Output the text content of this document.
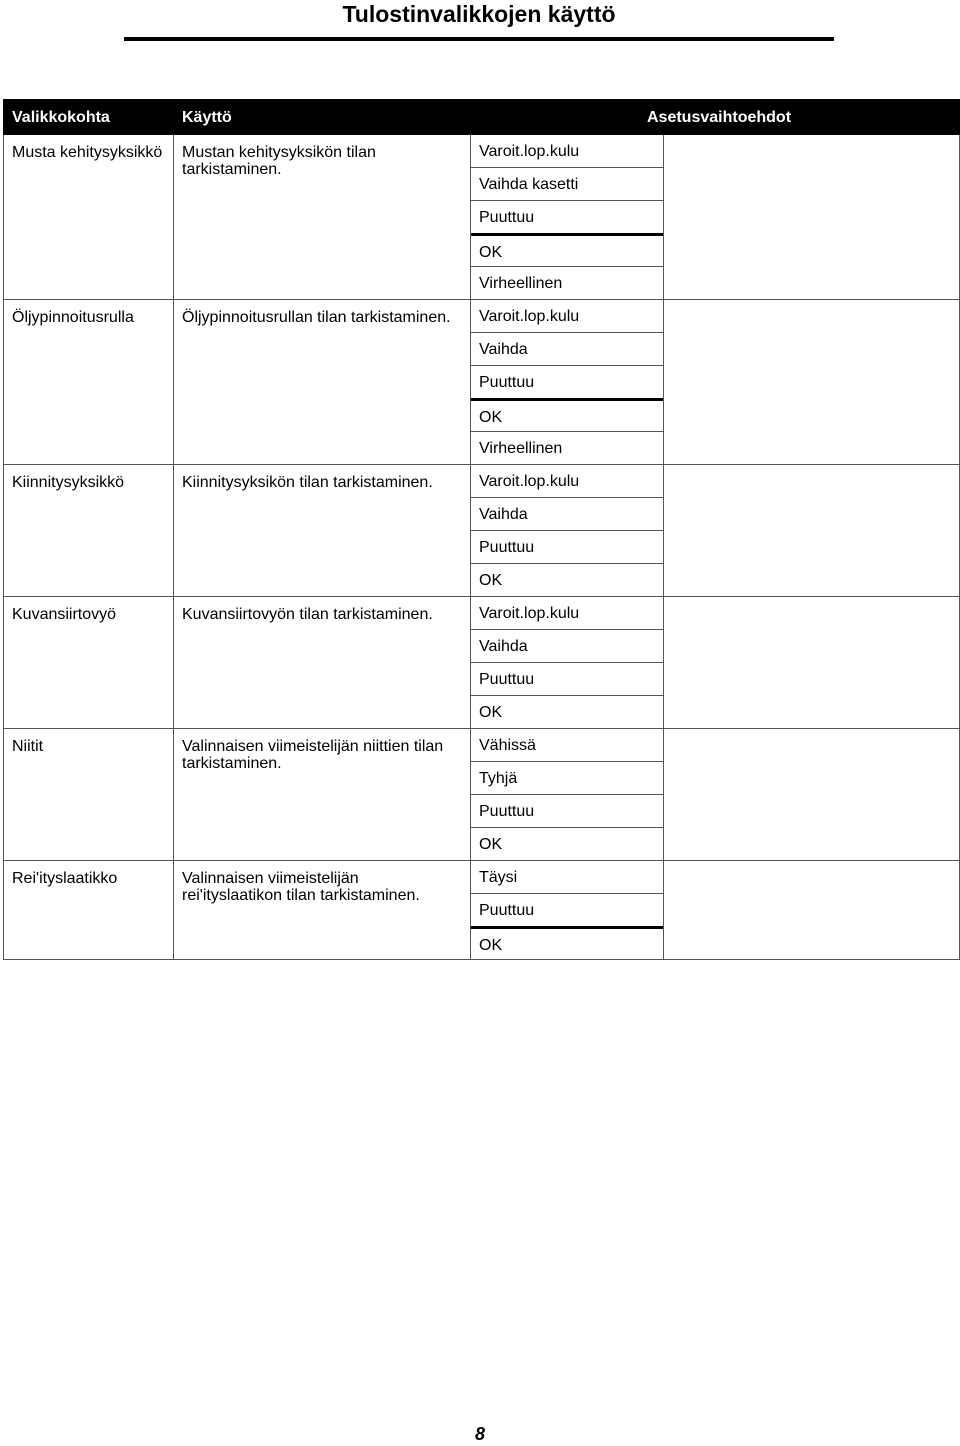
Tulostinvalikkojen käyttö
Valikkokohta	Käyttö	Asetusvaihtoehdot	
Musta kehitysyksikkö	Mustan kehitysyksikön tilan tarkistaminen.	Varoit.lop.kulu
Vaihda kasetti
Puuttuu
OK
Virheellinen	

Öljypinnoitusrulla	Öljypinnoitusrullan tilan tarkistaminen.	Varoit.lop.kulu
Vaihda
Puuttuu
OK
Virheellinen	

Kiinnitysyksikkö	Kiinnitysyksikön tilan tarkistaminen.	Varoit.lop.kulu
Vaihda
Puuttuu
OK	

Kuvansiirtovyö	Kuvansiirtovyön tilan tarkistaminen.	Varoit.lop.kulu
Vaihda
Puuttuu
OK	

Niitit	Valinnaisen viimeistelijän niittien tilan tarkistaminen.	Vähissä
Tyhjä
Puuttuu
OK	

Rei'ityslaatikko	Valinnaisen viimeistelijän rei'ityslaatikon tilan tarkistaminen.	Täysi
Puuttuu
OK	

8
